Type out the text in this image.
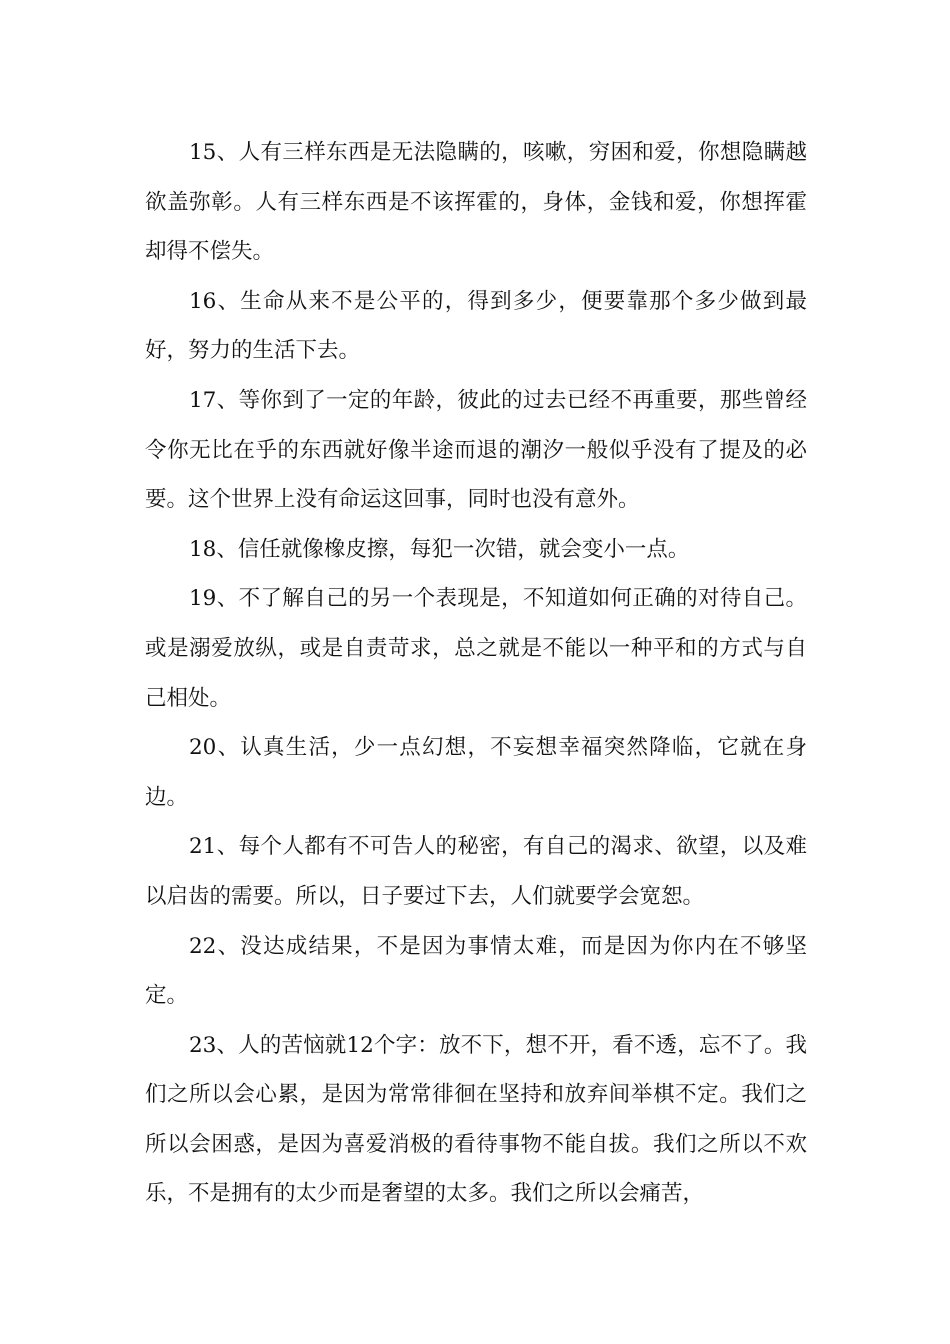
15、人有三样东西是无法隐瞒的，咳嗽，穷困和爱，你想隐瞒越欲盖弥彰。人有三样东西是不该挥霍的，身体，金钱和爱，你想挥霍却得不偿失。

16、生命从来不是公平的，得到多少，便要靠那个多少做到最好，努力的生活下去。

17、等你到了一定的年龄，彼此的过去已经不再重要，那些曾经令你无比在乎的东西就好像半途而退的潮汐一般似乎没有了提及的必要。这个世界上没有命运这回事，同时也没有意外。

18、信任就像橡皮擦，每犯一次错，就会变小一点。

19、不了解自己的另一个表现是，不知道如何正确的对待自己。或是溺爱放纵，或是自责苛求，总之就是不能以一种平和的方式与自己相处。

20、认真生活，少一点幻想，不妄想幸福突然降临，它就在身边。

21、每个人都有不可告人的秘密，有自己的渴求、欲望，以及难以启齿的需要。所以，日子要过下去，人们就要学会宽恕。

22、没达成结果，不是因为事情太难，而是因为你内在不够坚定。

23、人的苦恼就12个字：放不下，想不开，看不透，忘不了。我们之所以会心累，是因为常常徘徊在坚持和放弃间举棋不定。我们之所以会困惑，是因为喜爱消极的看待事物不能自拔。我们之所以不欢乐，不是拥有的太少而是奢望的太多。我们之所以会痛苦，
